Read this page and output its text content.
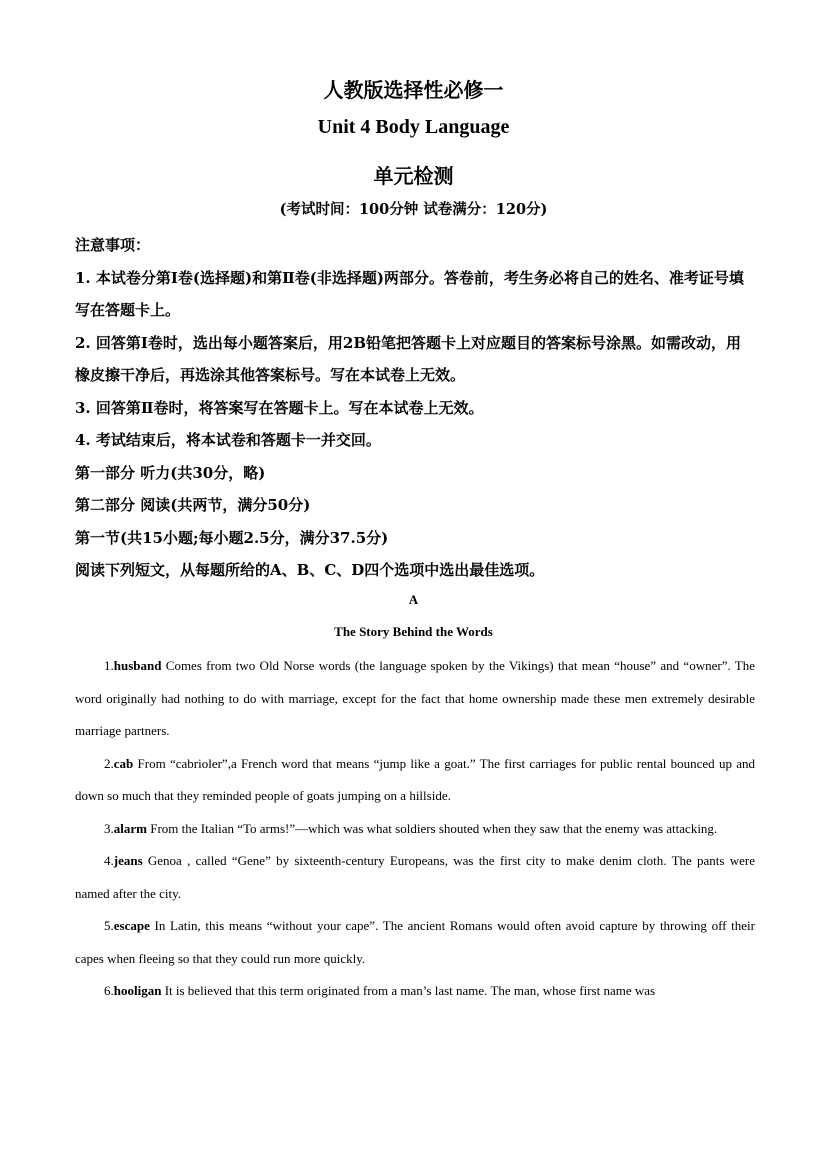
人教版选择性必修一
Unit 4 Body Language
单元检测
(考试时间：100分钟 试卷满分：120分)
注意事项：
1. 本试卷分第Ⅰ卷(选择题)和第Ⅱ卷(非选择题)两部分。答卷前，考生务必将自己的姓名、准考证号填写在答题卡上。
2. 回答第Ⅰ卷时，选出每小题答案后，用2B铅笔把答题卡上对应题目的答案标号涂黑。如需改动，用橡皮擦干净后，再选涂其他答案标号。写在本试卷上无效。
3. 回答第Ⅱ卷时，将答案写在答题卡上。写在本试卷上无效。
4. 考试结束后，将本试卷和答题卡一并交回。
第一部分 听力(共30分，略)
第二部分 阅读(共两节，满分50分)
第一节(共15小题;每小题2.5分，满分37.5分)
阅读下列短文，从每题所给的A、B、C、D四个选项中选出最佳选项。
A
The Story Behind the Words
1.husband Comes from two Old Norse words (the language spoken by the Vikings) that mean “house” and “owner”. The word originally had nothing to do with marriage, except for the fact that home ownership made these men extremely desirable marriage partners.
2.cab From “cabrioler”,a French word that means “jump like a goat.” The first carriages for public rental bounced up and down so much that they reminded people of goats jumping on a hillside.
3.alarm From the Italian “To arms!”—which was what soldiers shouted when they saw that the enemy was attacking.
4.jeans Genoa , called “Gene” by sixteenth-century Europeans, was the first city to make denim cloth. The pants were named after the city.
5.escape In Latin, this means “without your cape”. The ancient Romans would often avoid capture by throwing off their capes when fleeing so that they could run more quickly.
6.hooligan It is believed that this term originated from a man’s last name. The man, whose first name was
